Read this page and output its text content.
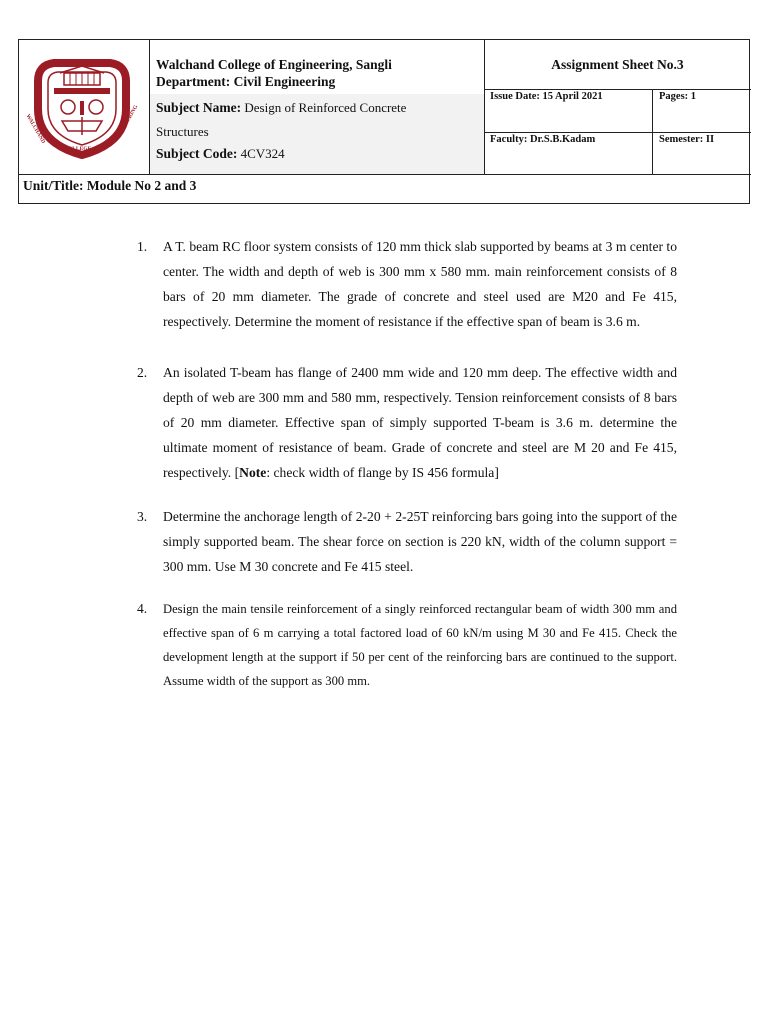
स्वावलंबन सेवा
WALCHAND	ENGINEERING
COLLEGE OF
Walchand College of Engineering, Sangli
Department: Civil Engineering
Subject Name: Design of Reinforced Concrete
Structures
Subject Code: 4CV324
Assignment Sheet No.3
Issue Date: 15 April 2021	Pages: 1
Faculty: Dr.S.B.Kadam	Semester: II
Unit/Title: Module No 2 and 3
1. A T. beam RC floor system consists of 120 mm thick slab supported by beams at 3 m center to center. The width and depth of web is 300 mm x 580 mm. main reinforcement consists of 8 bars of 20 mm diameter. The grade of concrete and steel used are M20 and Fe 415, respectively. Determine the moment of resistance if the effective span of beam is 3.6 m.
2. An isolated T-beam has flange of 2400 mm wide and 120 mm deep. The effective width and depth of web are 300 mm and 580 mm, respectively. Tension reinforcement consists of 8 bars of 20 mm diameter. Effective span of simply supported T-beam is 3.6 m. determine the ultimate moment of resistance of beam. Grade of concrete and steel are M 20 and Fe 415, respectively. [Note: check width of flange by IS 456 formula]
3. Determine the anchorage length of 2-20 + 2-25T reinforcing bars going into the support of the simply supported beam. The shear force on section is 220 kN, width of the column support = 300 mm. Use M 30 concrete and Fe 415 steel.
4. Design the main tensile reinforcement of a singly reinforced rectangular beam of width 300 mm and effective span of 6 m carrying a total factored load of 60 kN/m using M 30 and Fe 415. Check the development length at the support if 50 per cent of the reinforcing bars are continued to the support. Assume width of the support as 300 mm.
